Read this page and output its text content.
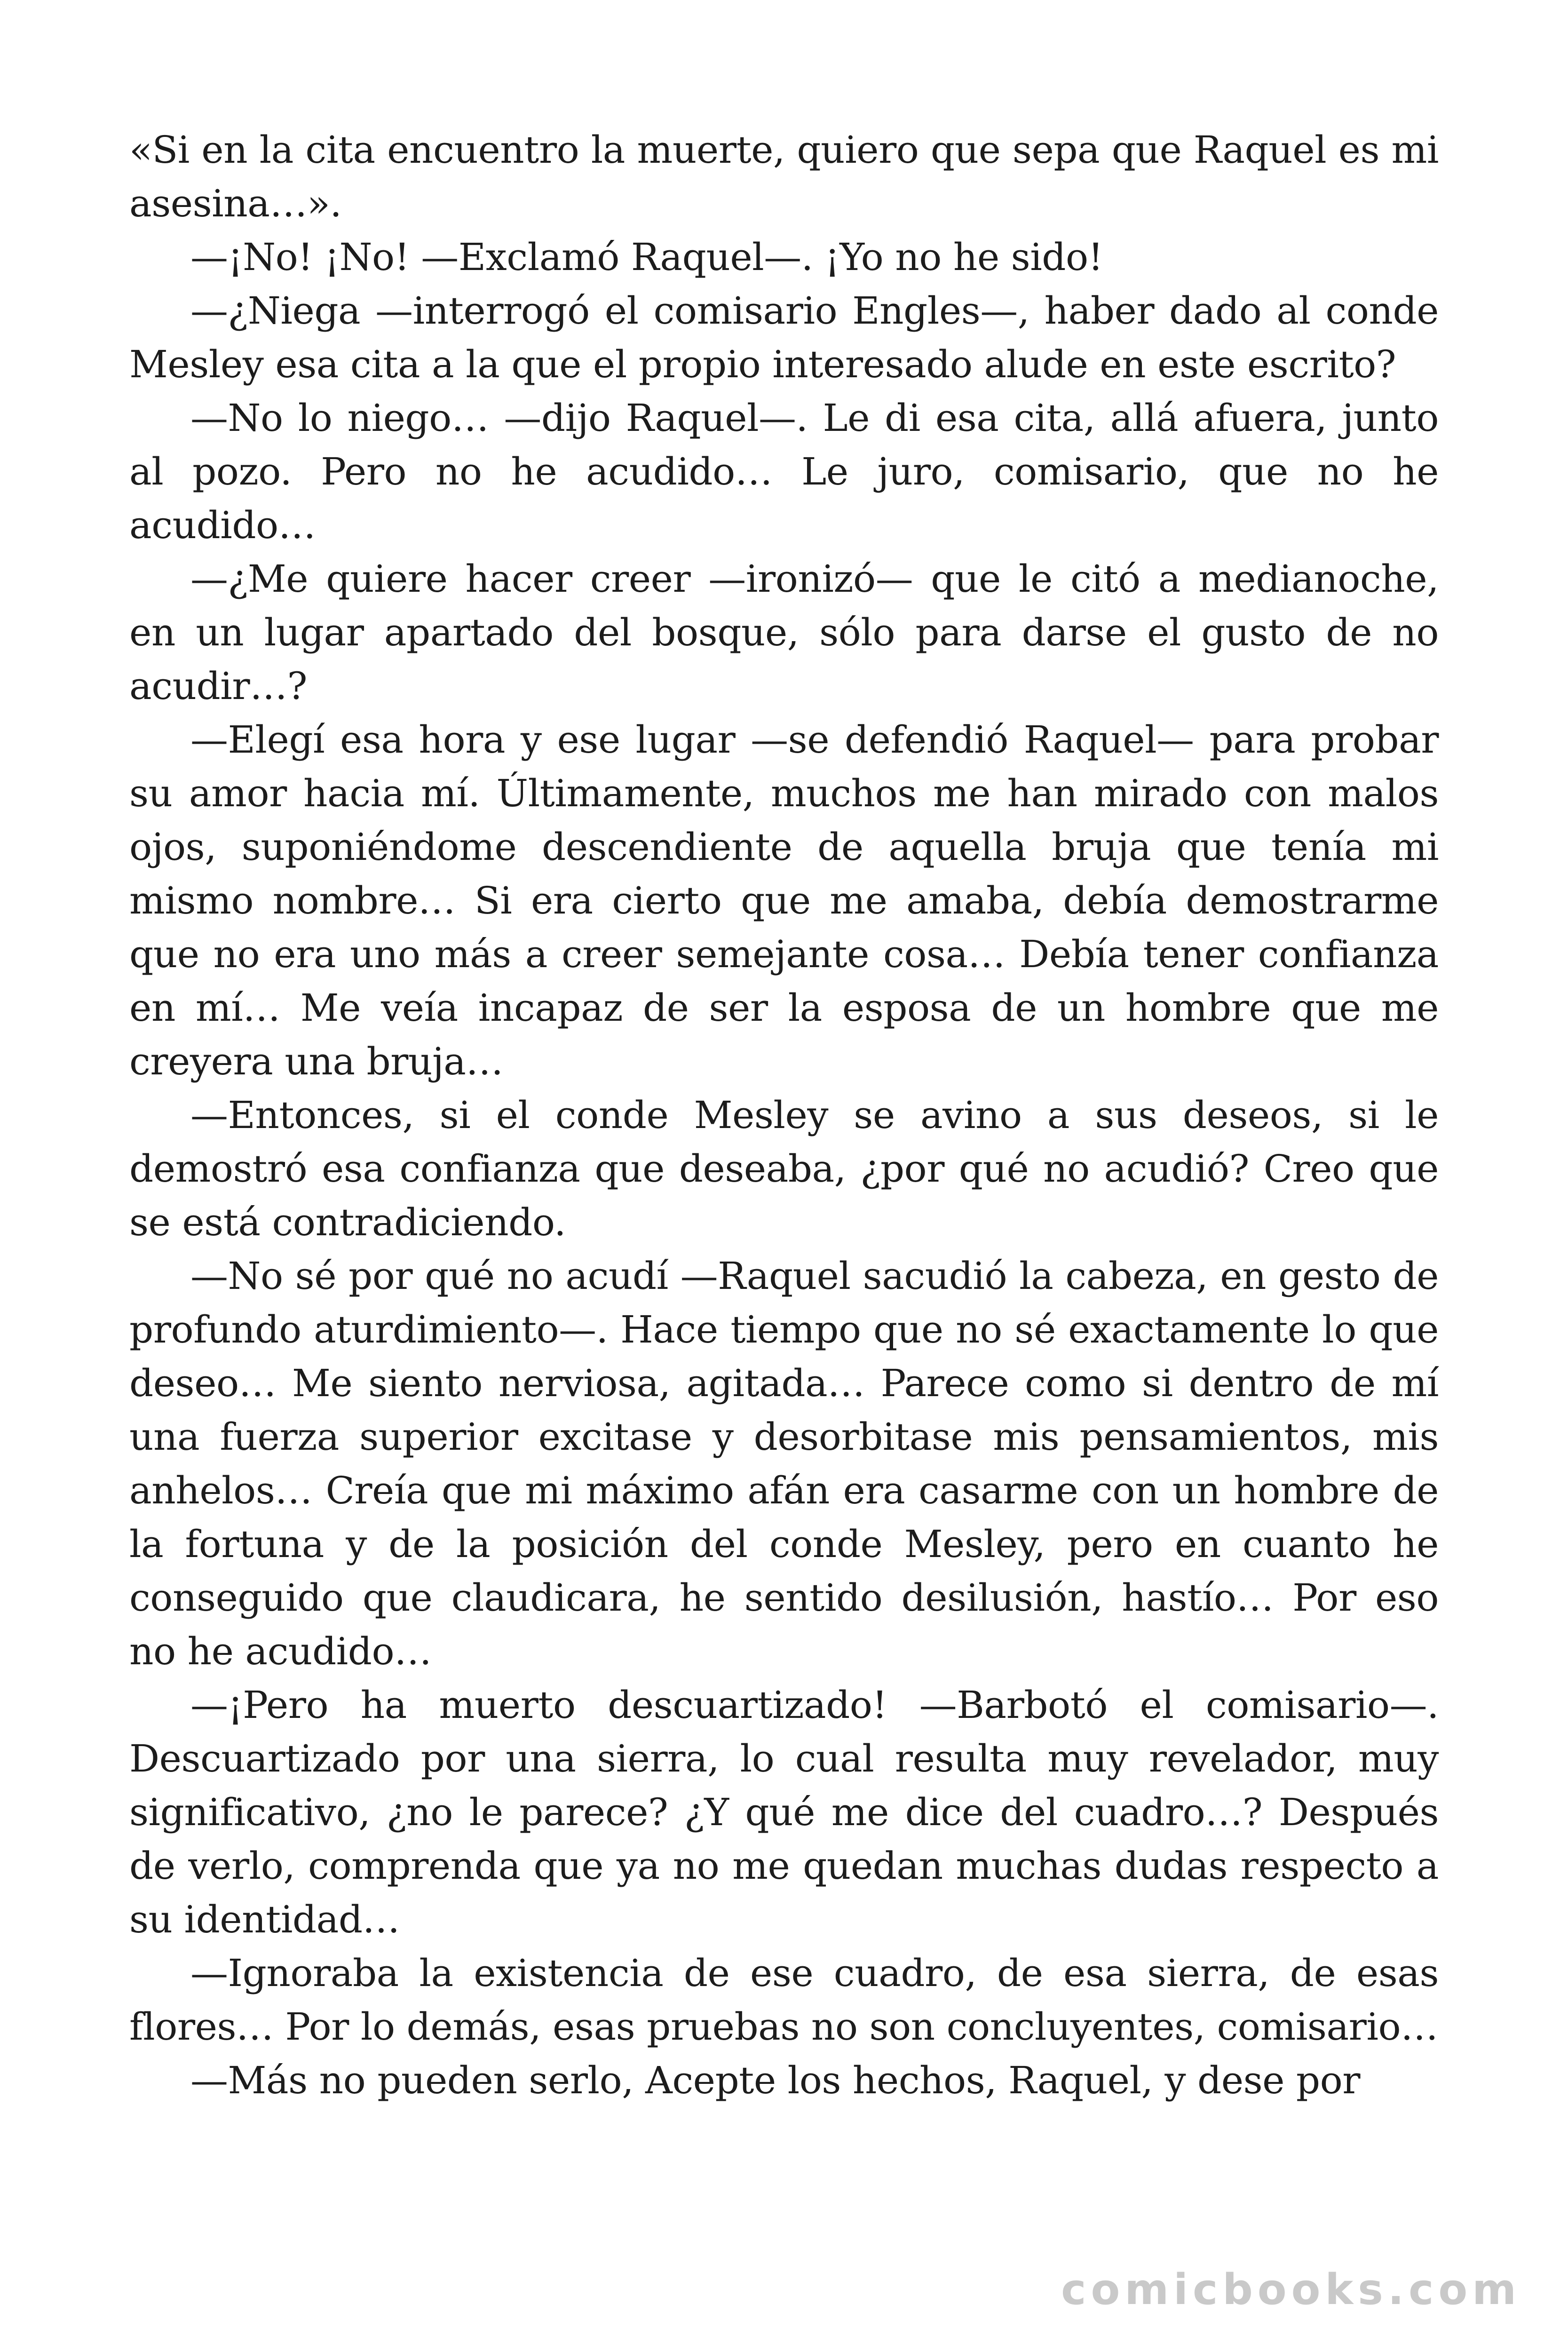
«Si en la cita encuentro la muerte, quiero que sepa que Raquel es mi asesina…».

—¡No! ¡No! —Exclamó Raquel—. ¡Yo no he sido!

—¿Niega —interrogó el comisario Engles—, haber dado al conde Mesley esa cita a la que el propio interesado alude en este escrito?

—No lo niego… —dijo Raquel—. Le di esa cita, allá afuera, junto al pozo. Pero no he acudido… Le juro, comisario, que no he acudido…

—¿Me quiere hacer creer —ironizó— que le citó a medianoche, en un lugar apartado del bosque, sólo para darse el gusto de no acudir…?

—Elegí esa hora y ese lugar —se defendió Raquel— para probar su amor hacia mí. Últimamente, muchos me han mirado con malos ojos, suponiéndome descendiente de aquella bruja que tenía mi mismo nombre… Si era cierto que me amaba, debía demostrarme que no era uno más a creer semejante cosa… Debía tener confianza en mí… Me veía incapaz de ser la esposa de un hombre que me creyera una bruja…

—Entonces, si el conde Mesley se avino a sus deseos, si le demostró esa confianza que deseaba, ¿por qué no acudió? Creo que se está contradiciendo.

—No sé por qué no acudí —Raquel sacudió la cabeza, en gesto de profundo aturdimiento—. Hace tiempo que no sé exactamente lo que deseo… Me siento nerviosa, agitada… Parece como si dentro de mí una fuerza superior excitase y desorbitase mis pensamientos, mis anhelos… Creía que mi máximo afán era casarme con un hombre de la fortuna y de la posición del conde Mesley, pero en cuanto he conseguido que claudicara, he sentido desilusión, hastío… Por eso no he acudido…

—¡Pero ha muerto descuartizado! —Barbotó el comisario—. Descuartizado por una sierra, lo cual resulta muy revelador, muy significativo, ¿no le parece? ¿Y qué me dice del cuadro…? Después de verlo, comprenda que ya no me quedan muchas dudas respecto a su identidad…

—Ignoraba la existencia de ese cuadro, de esa sierra, de esas flores… Por lo demás, esas pruebas no son concluyentes, comisario…

—Más no pueden serlo, Acepte los hechos, Raquel, y dese por

comicbooks.com
